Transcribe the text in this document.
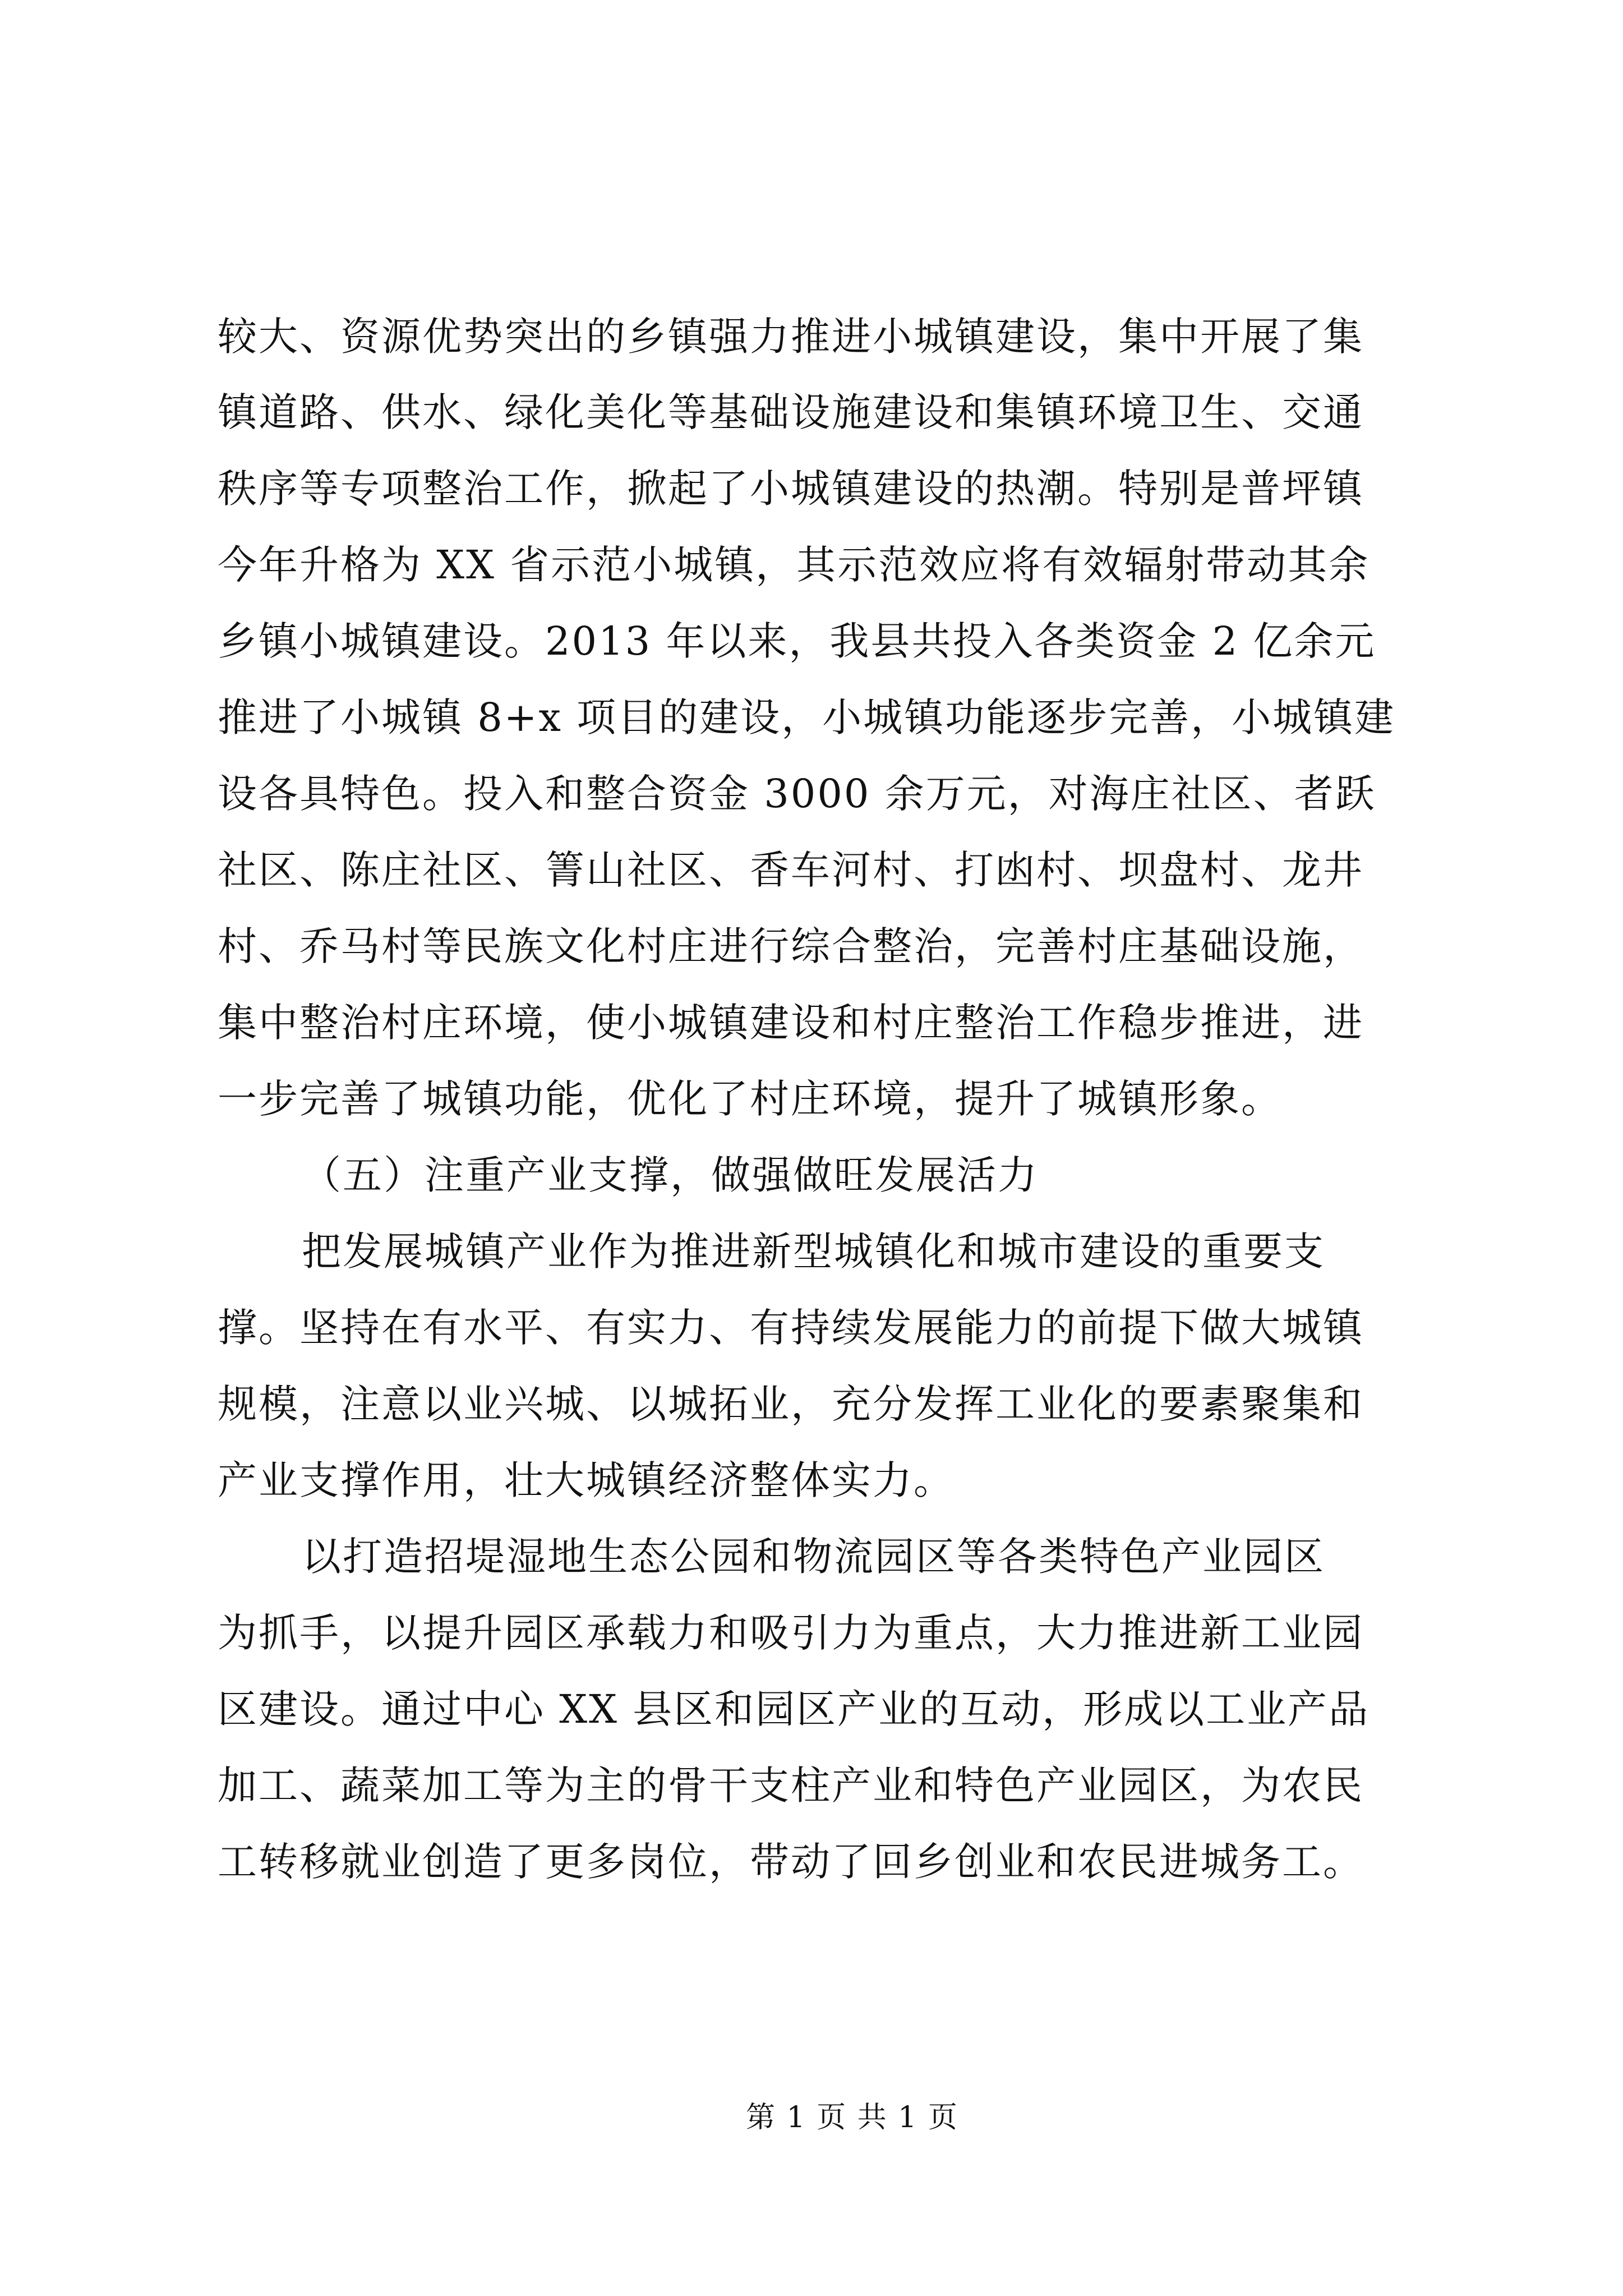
较大、资源优势突出的乡镇强力推进小城镇建设，集中开展了集
镇道路、供水、绿化美化等基础设施建设和集镇环境卫生、交通
秩序等专项整治工作，掀起了小城镇建设的热潮。特别是普坪镇
今年升格为 XX 省示范小城镇，其示范效应将有效辐射带动其余
乡镇小城镇建设。2013 年以来，我县共投入各类资金 2 亿余元
推进了小城镇 8+x 项目的建设，小城镇功能逐步完善，小城镇建
设各具特色。投入和整合资金 3000 余万元，对海庄社区、者跃
社区、陈庄社区、箐山社区、香车河村、打凼村、坝盘村、龙井
村、乔马村等民族文化村庄进行综合整治，完善村庄基础设施，
集中整治村庄环境，使小城镇建设和村庄整治工作稳步推进，进
一步完善了城镇功能，优化了村庄环境，提升了城镇形象。
（五）注重产业支撑，做强做旺发展活力
把发展城镇产业作为推进新型城镇化和城市建设的重要支
撑。坚持在有水平、有实力、有持续发展能力的前提下做大城镇
规模，注意以业兴城、以城拓业，充分发挥工业化的要素聚集和
产业支撑作用，壮大城镇经济整体实力。
以打造招堤湿地生态公园和物流园区等各类特色产业园区
为抓手，以提升园区承载力和吸引力为重点，大力推进新工业园
区建设。通过中心 XX 县区和园区产业的互动，形成以工业产品
加工、蔬菜加工等为主的骨干支柱产业和特色产业园区，为农民
工转移就业创造了更多岗位，带动了回乡创业和农民进城务工。
第 1 页 共 1 页
